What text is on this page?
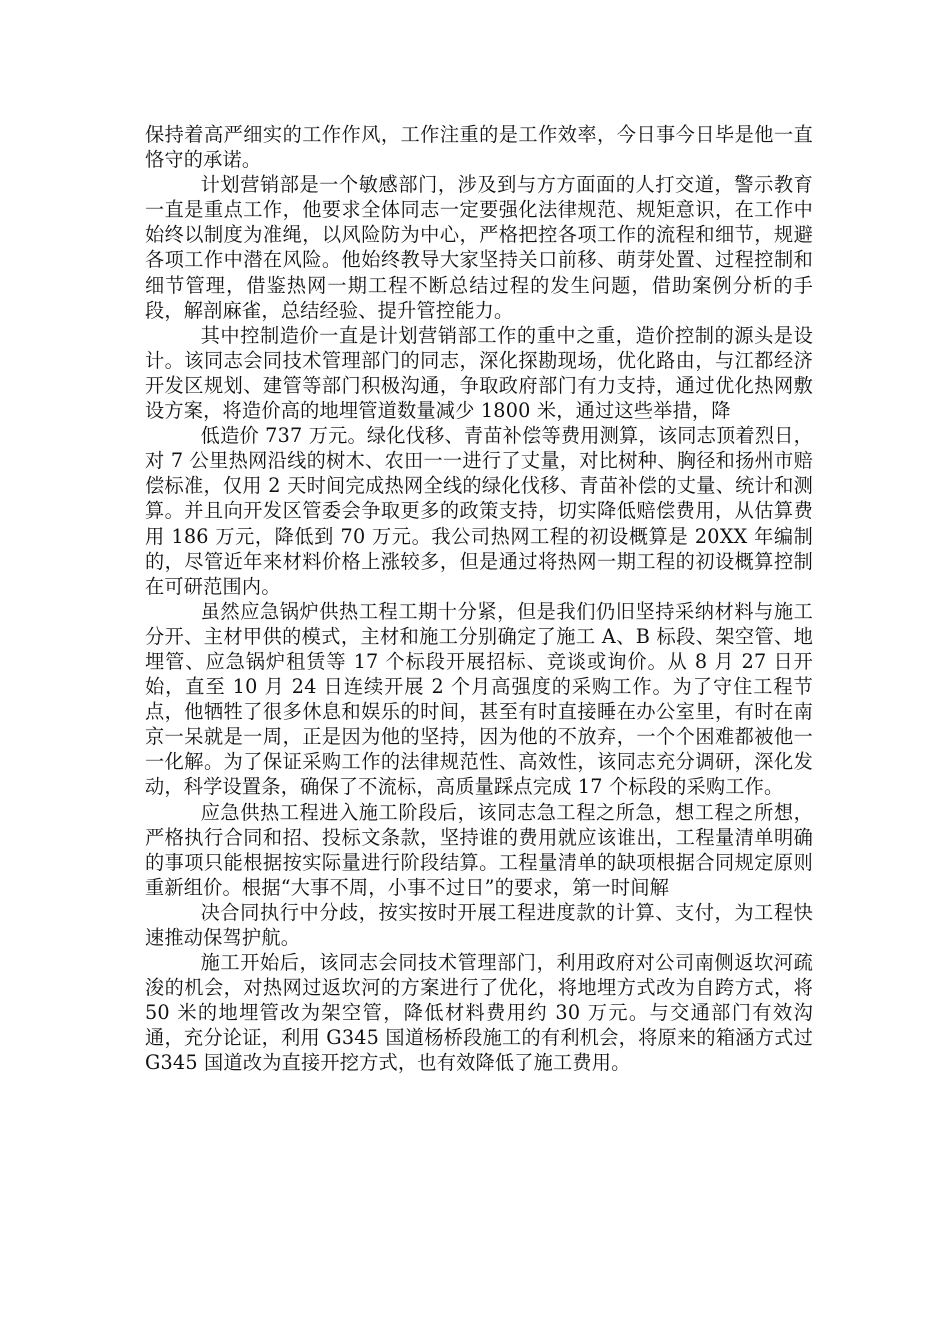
保持着高严细实的工作作风，工作注重的是工作效率，今日事今日毕是他一直恪守的承诺。

计划营销部是一个敏感部门，涉及到与方方面面的人打交道，警示教育一直是重点工作，他要求全体同志一定要强化法律规范、规矩意识，在工作中始终以制度为准绳，以风险防为中心，严格把控各项工作的流程和细节，规避各项工作中潜在风险。他始终教导大家坚持关口前移、萌芽处置、过程控制和细节管理，借鉴热网一期工程不断总结过程的发生问题，借助案例分析的手段，解剖麻雀，总结经验、提升管控能力。

其中控制造价一直是计划营销部工作的重中之重，造价控制的源头是设计。该同志会同技术管理部门的同志，深化探勘现场，优化路由，与江都经济开发区规划、建管等部门积极沟通，争取政府部门有力支持，通过优化热网敷设方案，将造价高的地埋管道数量减少 1800 米，通过这些举措，降

低造价 737 万元。绿化伐移、青苗补偿等费用测算，该同志顶着烈日，对 7 公里热网沿线的树木、农田一一进行了丈量，对比树种、胸径和扬州市赔偿标准，仅用 2 天时间完成热网全线的绿化伐移、青苗补偿的丈量、统计和测算。并且向开发区管委会争取更多的政策支持，切实降低赔偿费用，从估算费用 186 万元，降低到 70 万元。我公司热网工程的初设概算是 20XX 年编制的，尽管近年来材料价格上涨较多，但是通过将热网一期工程的初设概算控制在可研范围内。

虽然应急锅炉供热工程工期十分紧，但是我们仍旧坚持采纳材料与施工分开、主材甲供的模式，主材和施工分别确定了施工 A、B 标段、架空管、地埋管、应急锅炉租赁等 17 个标段开展招标、竞谈或询价。从 8 月 27 日开始，直至 10 月 24 日连续开展 2 个月高强度的采购工作。为了守住工程节点，他牺牲了很多休息和娱乐的时间，甚至有时直接睡在办公室里，有时在南京一呆就是一周，正是因为他的坚持，因为他的不放弃，一个个困难都被他一一化解。为了保证采购工作的法律规范性、高效性，该同志充分调研，深化发动，科学设置条，确保了不流标，高质量踩点完成 17 个标段的采购工作。

应急供热工程进入施工阶段后，该同志急工程之所急，想工程之所想，严格执行合同和招、投标文条款，坚持谁的费用就应该谁出，工程量清单明确的事项只能根据按实际量进行阶段结算。工程量清单的缺项根据合同规定原则重新组价。根据“大事不周，小事不过日”的要求，第一时间解

决合同执行中分歧，按实按时开展工程进度款的计算、支付，为工程快速推动保驾护航。

施工开始后，该同志会同技术管理部门，利用政府对公司南侧返坎河疏浚的机会，对热网过返坎河的方案进行了优化，将地埋方式改为自跨方式，将 50 米的地埋管改为架空管，降低材料费用约 30 万元。与交通部门有效沟通，充分论证，利用 G345 国道杨桥段施工的有利机会，将原来的箱涵方式过 G345 国道改为直接开挖方式，也有效降低了施工费用。
